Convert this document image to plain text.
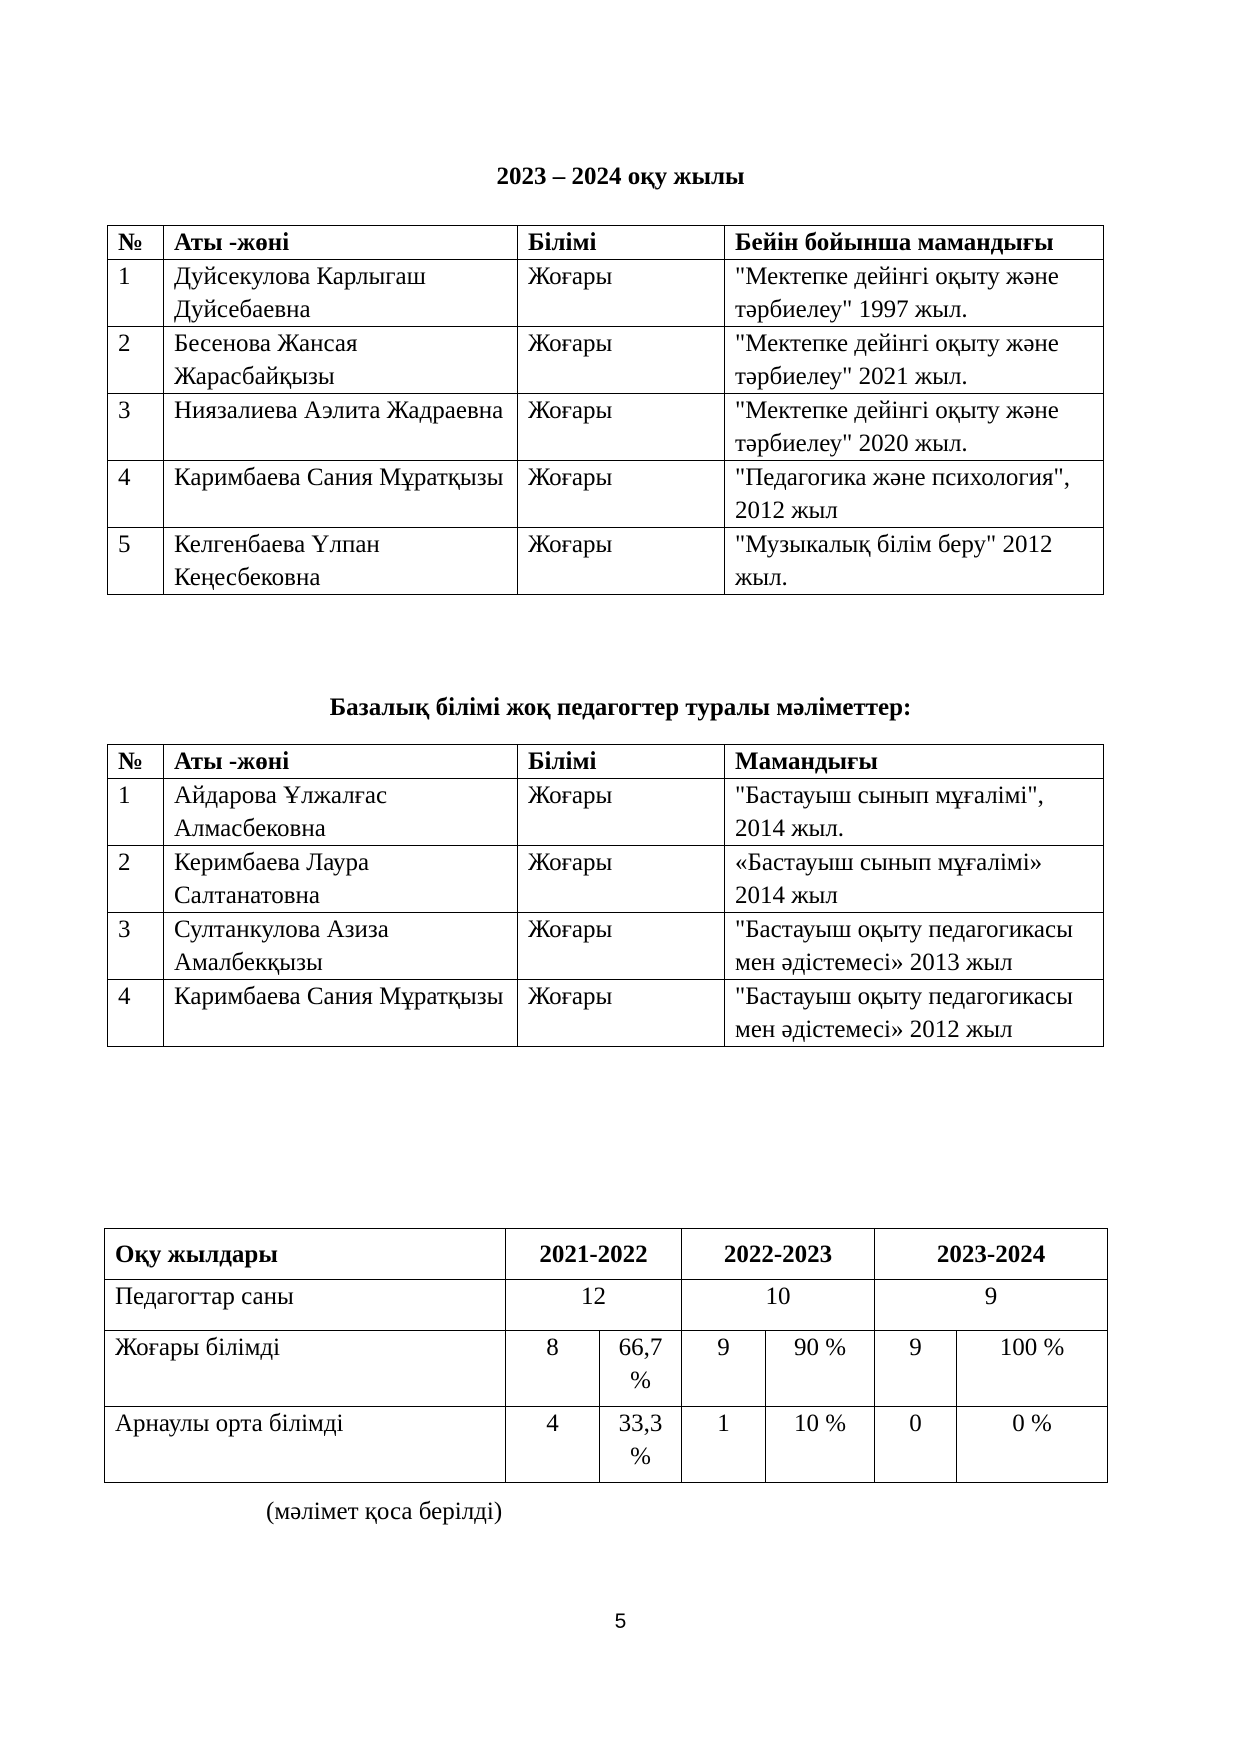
2023 – 2024 оқу жылы
№	Аты -жөні	Білімі	Бейін бойынша мамандығы
1	Дуйсекулова Карлыгаш Дуйсебаевна	Жоғары	"Мектепке дейінгі оқыту және тәрбиелеу" 1997 жыл.
2	Бесенова Жансая Жарасбайқызы	Жоғары	"Мектепке дейінгі оқыту және тәрбиелеу" 2021 жыл.
3	Ниязалиева Аэлита Жадраевна	Жоғары	"Мектепке дейінгі оқыту және тәрбиелеу" 2020 жыл.
4	Каримбаева Сания Мұратқызы	Жоғары	"Педагогика және психология", 2012 жыл
5	Келгенбаева Үлпан Кеңесбековна	Жоғары	"Музыкалық білім беру" 2012 жыл.
Базалық білімі жоқ педагогтер туралы мәліметтер:
№	Аты -жөні	Білімі	Мамандығы
1	Айдарова Ұлжалғас Алмасбековна	Жоғары	"Бастауыш сынып мұғалімі", 2014 жыл.
2	Керимбаева Лаура Салтанатовна	Жоғары	«Бастауыш сынып мұғалімі» 2014 жыл
3	Султанкулова Азиза Амалбекқызы	Жоғары	"Бастауыш оқыту педагогикасы мен әдістемесі» 2013 жыл
4	Каримбаева Сания Мұратқызы	Жоғары	"Бастауыш оқыту педагогикасы мен әдістемесі» 2012 жыл
Оқу жылдары	2021-2022		2022-2023		2023-2024	
Педагогтар саны	12		10		9	
Жоғары білімді	8	66,7 %	9	90 %	9	100 %
Арнаулы орта білімді	4	33,3 %	1	10 %	0	0 %
(мәлімет қоса берілді)
5
